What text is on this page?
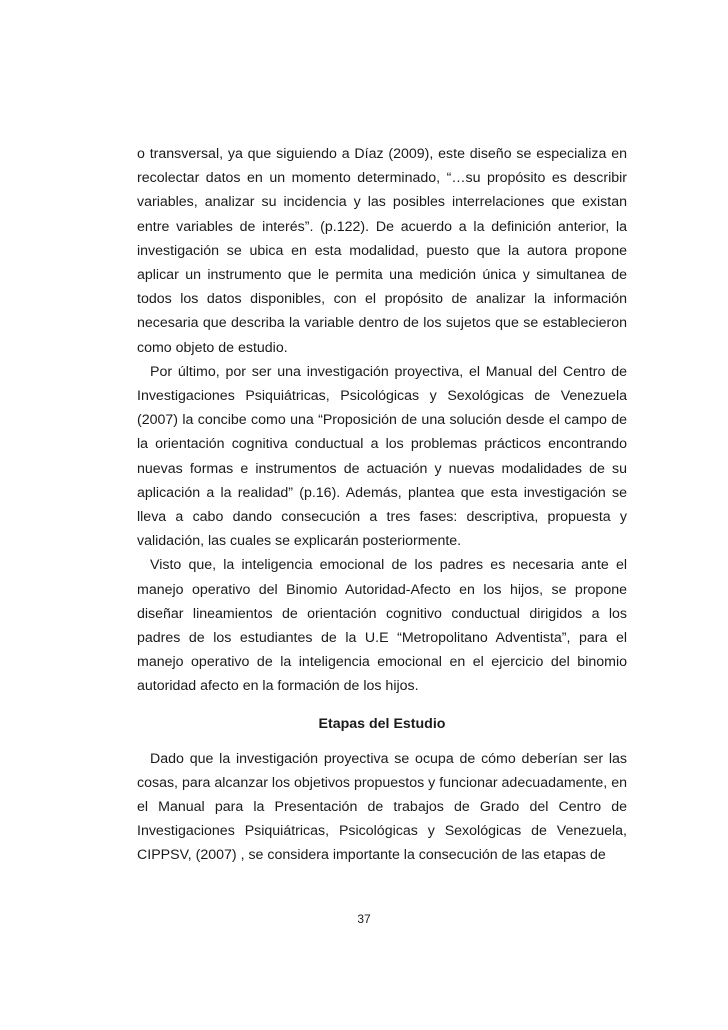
o transversal, ya que siguiendo a Díaz (2009), este diseño se especializa en recolectar datos en un momento determinado, “…su propósito es describir variables, analizar su incidencia y las posibles interrelaciones que existan entre variables de interés”. (p.122). De acuerdo a la definición anterior, la investigación se ubica en esta modalidad, puesto que la autora propone aplicar un instrumento que le permita una medición única y simultanea de todos los datos disponibles, con el propósito de analizar la información necesaria que describa la variable dentro de los sujetos que se establecieron como objeto de estudio.

Por último, por ser una investigación proyectiva, el Manual del Centro de Investigaciones Psiquiátricas, Psicológicas y Sexológicas de Venezuela (2007) la concibe como una “Proposición de una solución desde el campo de la orientación cognitiva conductual a los problemas prácticos encontrando nuevas formas e instrumentos de actuación y nuevas modalidades de su aplicación a la realidad” (p.16). Además, plantea que esta investigación se lleva a cabo dando consecución a tres fases: descriptiva, propuesta y validación, las cuales se explicarán posteriormente.

Visto que, la inteligencia emocional de los padres es necesaria ante el manejo operativo del Binomio Autoridad-Afecto en los hijos, se propone diseñar lineamientos de orientación cognitivo conductual dirigidos a los padres de los estudiantes de la U.E “Metropolitano Adventista”, para el manejo operativo de la inteligencia emocional en el ejercicio del binomio autoridad afecto en la formación de los hijos.

Etapas del Estudio

Dado que la investigación proyectiva se ocupa de cómo deberían ser las cosas, para alcanzar los objetivos propuestos y funcionar adecuadamente, en el Manual para la Presentación de trabajos de Grado del Centro de Investigaciones Psiquiátricas, Psicológicas y Sexológicas de Venezuela, CIPPSV, (2007) , se considera importante la consecución de las etapas de

37
